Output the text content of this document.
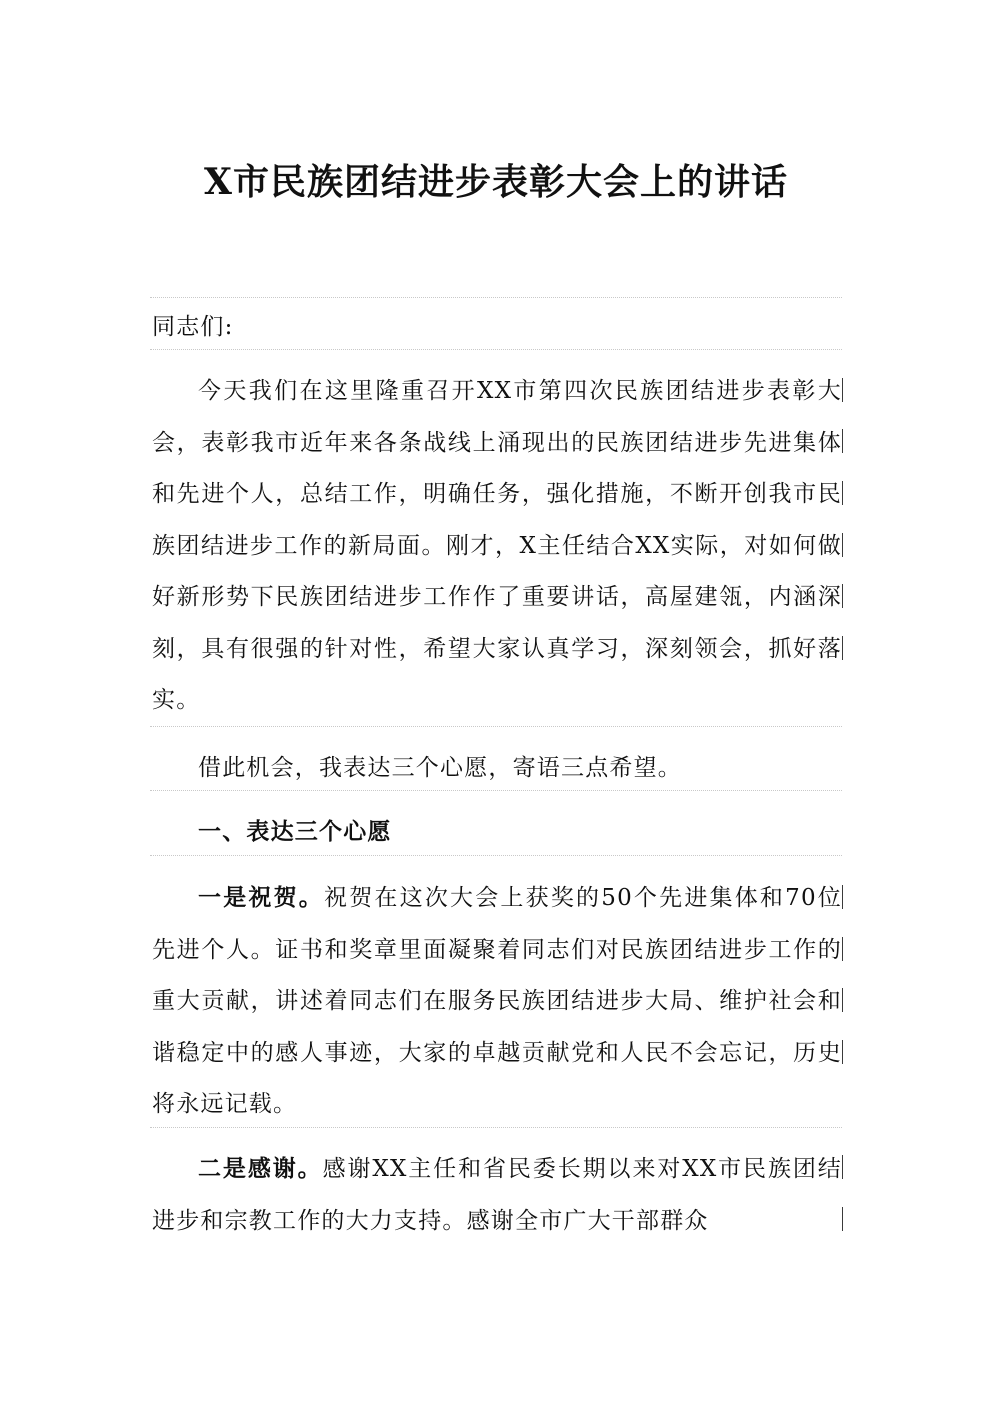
X市民族团结进步表彰大会上的讲话
同志们:
今天我们在这里隆重召开XX市第四次民族团结进步表彰大会，表彰我市近年来各条战线上涌现出的民族团结进步先进集体和先进个人，总结工作，明确任务，强化措施，不断开创我市民族团结进步工作的新局面。刚才，X主任结合XX实际，对如何做好新形势下民族团结进步工作作了重要讲话，高屋建瓴，内涵深刻，具有很强的针对性，希望大家认真学习，深刻领会，抓好落实。
借此机会，我表达三个心愿，寄语三点希望。
一、表达三个心愿
一是祝贺。祝贺在这次大会上获奖的50个先进集体和70位先进个人。证书和奖章里面凝聚着同志们对民族团结进步工作的重大贡献，讲述着同志们在服务民族团结进步大局、维护社会和谐稳定中的感人事迹，大家的卓越贡献党和人民不会忘记，历史将永远记载。
二是感谢。感谢XX主任和省民委长期以来对XX市民族团结进步和宗教工作的大力支持。感谢全市广大干部群众
